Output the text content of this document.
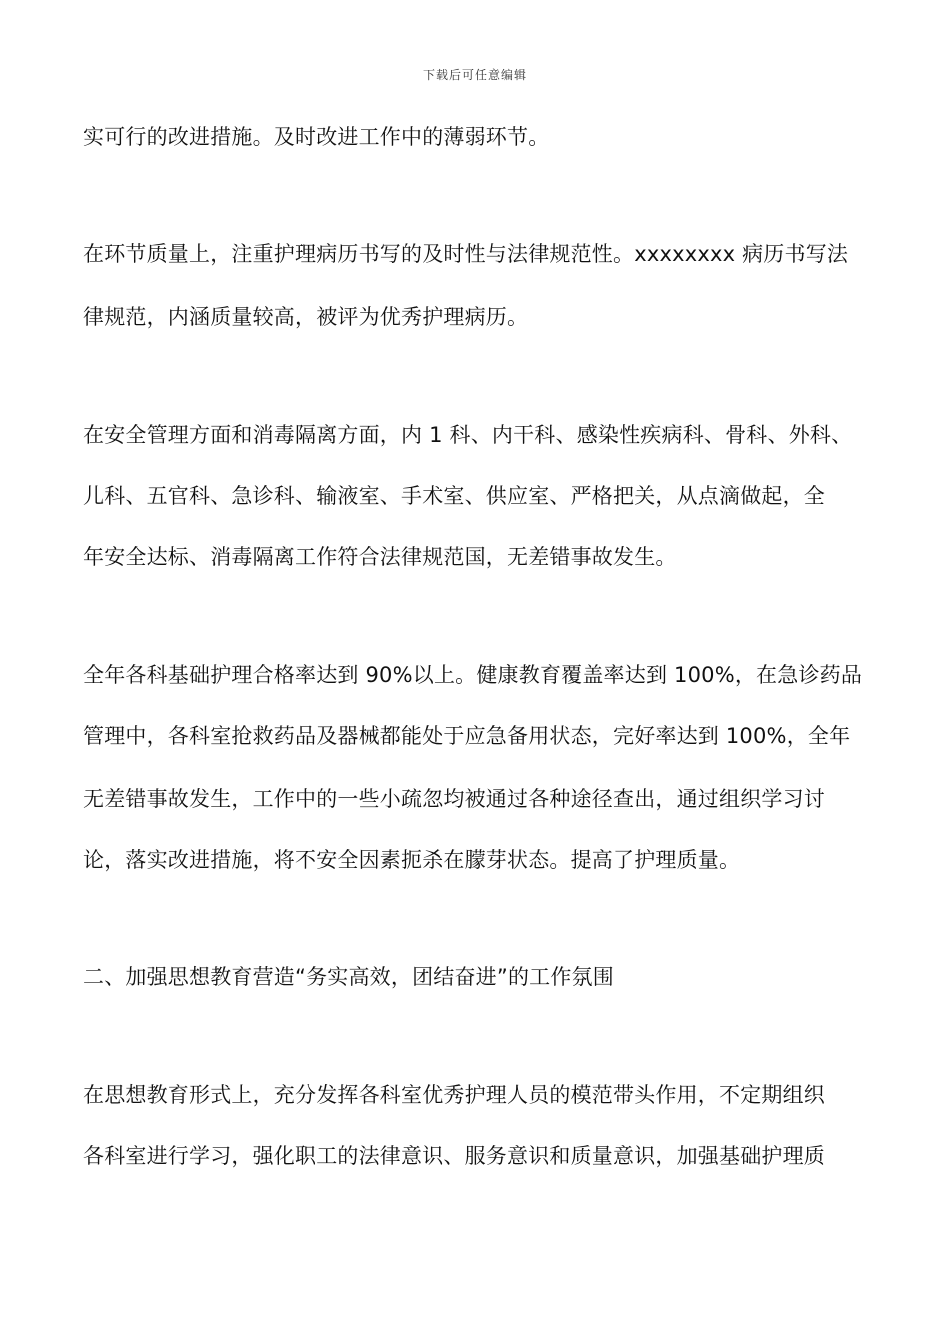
下载后可任意编辑
实可行的改进措施。及时改进工作中的薄弱环节。
在环节质量上，注重护理病历书写的及时性与法律规范性。xxxxxxxx 病历书写法
律规范，内涵质量较高，被评为优秀护理病历。
在安全管理方面和消毒隔离方面，内 1 科、内干科、感染性疾病科、骨科、外科、
儿科、五官科、急诊科、输液室、手术室、供应室、严格把关，从点滴做起，全
年安全达标、消毒隔离工作符合法律规范国，无差错事故发生。
全年各科基础护理合格率达到 90%以上。健康教育覆盖率达到 100%，在急诊药品
管理中，各科室抢救药品及器械都能处于应急备用状态，完好率达到 100%，全年
无差错事故发生，工作中的一些小疏忽均被通过各种途径查出，通过组织学习讨
论，落实改进措施，将不安全因素扼杀在朦芽状态。提高了护理质量。
二、加强思想教育营造“务实高效，团结奋进”的工作氛围
在思想教育形式上，充分发挥各科室优秀护理人员的模范带头作用，不定期组织
各科室进行学习，强化职工的法律意识、服务意识和质量意识，加强基础护理质
